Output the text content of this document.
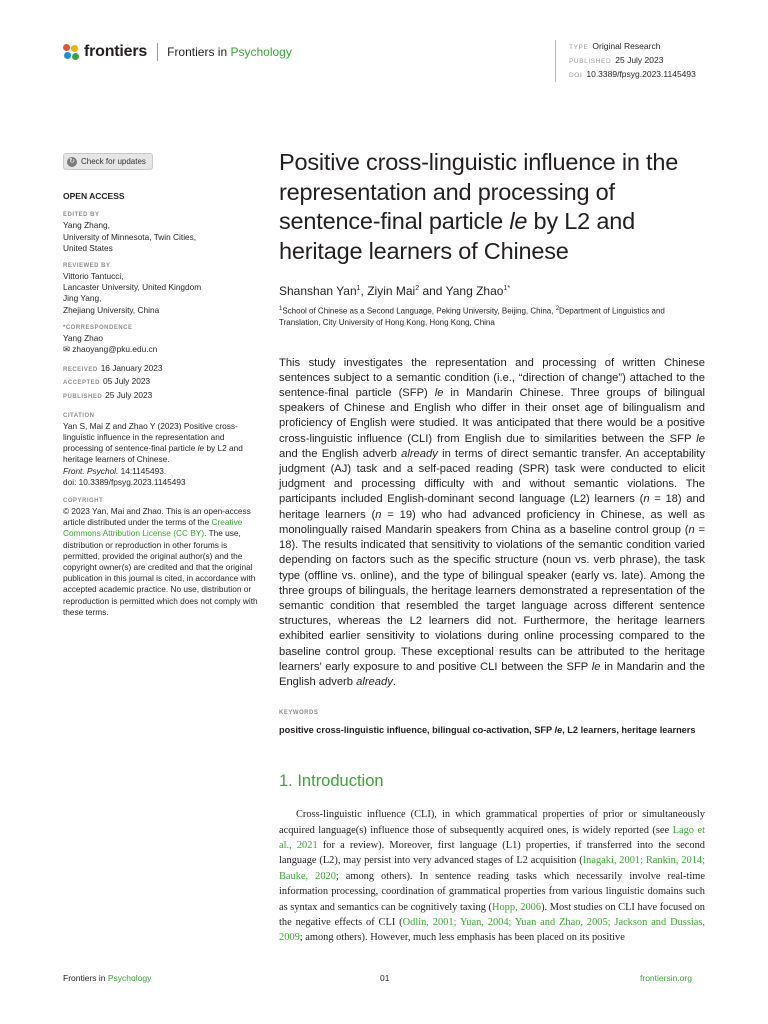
frontiers Frontiers in Psychology	TYPE Original Research
PUBLISHED 25 July 2023
DOI 10.3389/fpsyg.2023.1145493
↻ Check for updates
OPEN ACCESS
EDITED BY
Yang Zhang,
University of Minnesota, Twin Cities,
United States
REVIEWED BY
Vittorio Tantucci,
Lancaster University, United Kingdom
Jing Yang,
Zhejiang University, China
*CORRESPONDENCE
Yang Zhao
✉ zhaoyang@pku.edu.cn
RECEIVED 16 January 2023
ACCEPTED 05 July 2023
PUBLISHED 25 July 2023
CITATION
Yan S, Mai Z and Zhao Y (2023) Positive cross-linguistic influence in the representation and processing of sentence-final particle le by L2 and heritage learners of Chinese.
Front. Psychol. 14:1145493.
doi: 10.3389/fpsyg.2023.1145493
COPYRIGHT
© 2023 Yan, Mai and Zhao. This is an open-access article distributed under the terms of the Creative Commons Attribution License (CC BY). The use, distribution or reproduction in other forums is permitted, provided the original author(s) and the copyright owner(s) are credited and that the original publication in this journal is cited, in accordance with accepted academic practice. No use, distribution or reproduction is permitted which does not comply with these terms.
Positive cross-linguistic influence in the representation and processing of sentence-final particle le by L2 and heritage learners of Chinese
Shanshan Yan$^1$, Ziyin Mai$^2$ and Yang Zhao$^{1*}$
$^1$School of Chinese as a Second Language, Peking University, Beijing, China, $^2$Department of Linguistics and Translation, City University of Hong Kong, Hong Kong, China
This study investigates the representation and processing of written Chinese sentences subject to a semantic condition (i.e., “direction of change”) attached to the sentence-final particle (SFP) le in Mandarin Chinese. Three groups of bilingual speakers of Chinese and English who differ in their onset age of bilingualism and proficiency of English were studied. It was anticipated that there would be a positive cross-linguistic influence (CLI) from English due to similarities between the SFP le and the English adverb already in terms of direct semantic transfer. An acceptability judgment (AJ) task and a self-paced reading (SPR) task were conducted to elicit judgment and processing difficulty with and without semantic violations. The participants included English-dominant second language (L2) learners (n = 18) and heritage learners (n = 19) who had advanced proficiency in Chinese, as well as monolingually raised Mandarin speakers from China as a baseline control group (n = 18). The results indicated that sensitivity to violations of the semantic condition varied depending on factors such as the specific structure (noun vs. verb phrase), the task type (offline vs. online), and the type of bilingual speaker (early vs. late). Among the three groups of bilinguals, the heritage learners demonstrated a representation of the semantic condition that resembled the target language across different sentence structures, whereas the L2 learners did not. Furthermore, the heritage learners exhibited earlier sensitivity to violations during online processing compared to the baseline control group. These exceptional results can be attributed to the heritage learners’ early exposure to and positive CLI between the SFP le in Mandarin and the English adverb already.
KEYWORDS
positive cross-linguistic influence, bilingual co-activation, SFP le, L2 learners, heritage learners
1. Introduction
Cross-linguistic influence (CLI), in which grammatical properties of prior or simultaneously acquired language(s) influence those of subsequently acquired ones, is widely reported (see Lago et al., 2021 for a review). Moreover, first language (L1) properties, if transferred into the second language (L2), may persist into very advanced stages of L2 acquisition (Inagaki, 2001; Rankin, 2014; Bauke, 2020; among others). In sentence reading tasks which necessarily involve real-time information processing, coordination of grammatical properties from various linguistic domains such as syntax and semantics can be cognitively taxing (Hopp, 2006). Most studies on CLI have focused on the negative effects of CLI (Odlin, 2001; Yuan, 2004; Yuan and Zhao, 2005; Jackson and Dussias, 2009; among others). However, much less emphasis has been placed on its positive
Frontiers in Psychology	01	frontiersin.org
